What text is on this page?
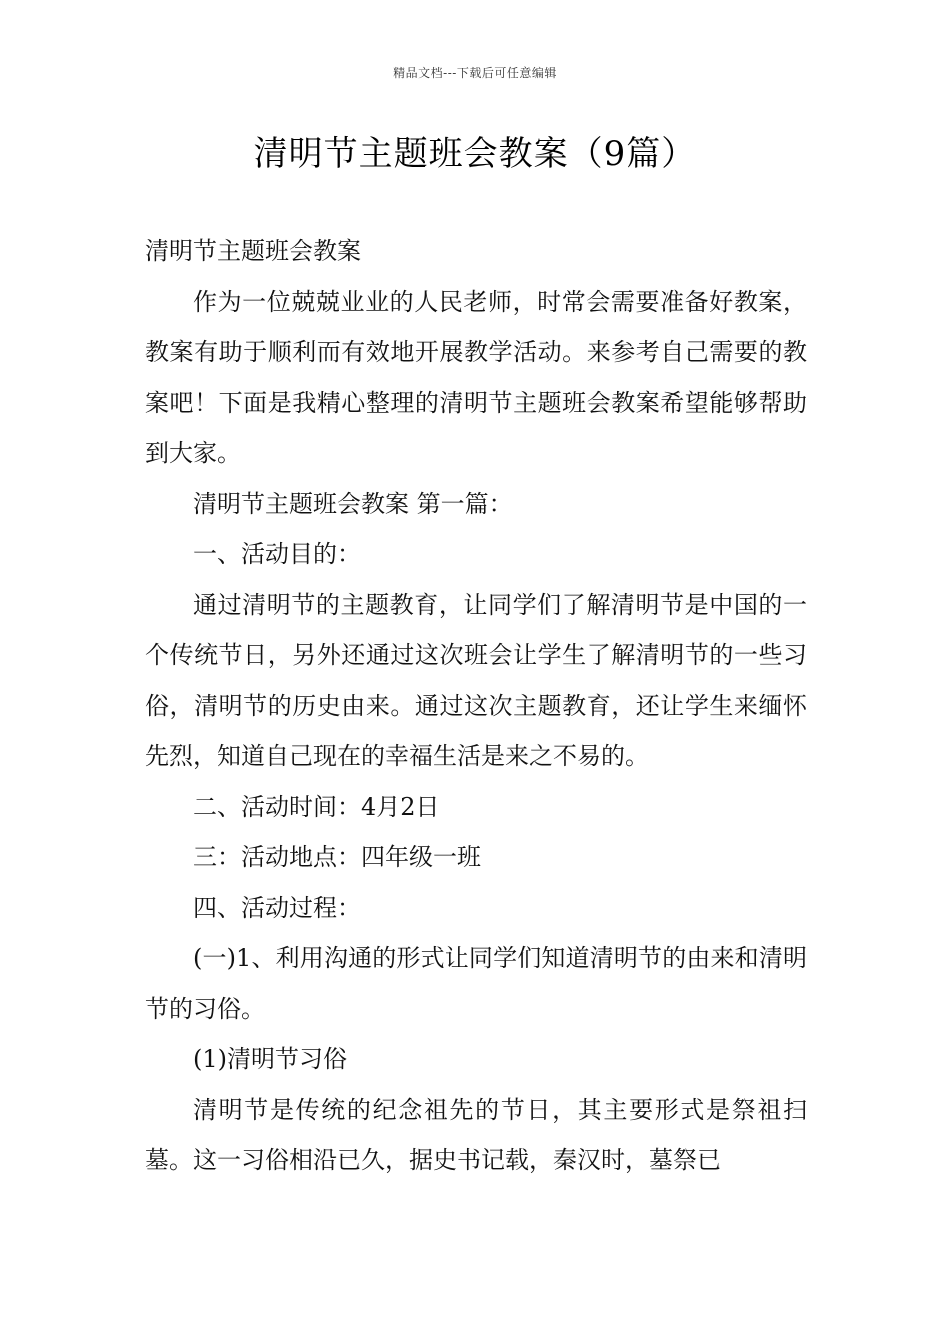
精品文档---下载后可任意编辑
清明节主题班会教案（9篇）

清明节主题班会教案

作为一位兢兢业业的人民老师，时常会需要准备好教案，教案有助于顺利而有效地开展教学活动。来参考自己需要的教案吧！下面是我精心整理的清明节主题班会教案希望能够帮助到大家。

清明节主题班会教案 第一篇：

一、活动目的：

通过清明节的主题教育，让同学们了解清明节是中国的一个传统节日，另外还通过这次班会让学生了解清明节的一些习俗，清明节的历史由来。通过这次主题教育，还让学生来缅怀先烈，知道自己现在的幸福生活是来之不易的。

二、活动时间：4月2日

三：活动地点：四年级一班

四、活动过程：

(一)1、利用沟通的形式让同学们知道清明节的由来和清明节的习俗。

(1)清明节习俗

清明节是传统的纪念祖先的节日，其主要形式是祭祖扫墓。这一习俗相沿已久，据史书记载，秦汉时，墓祭已
